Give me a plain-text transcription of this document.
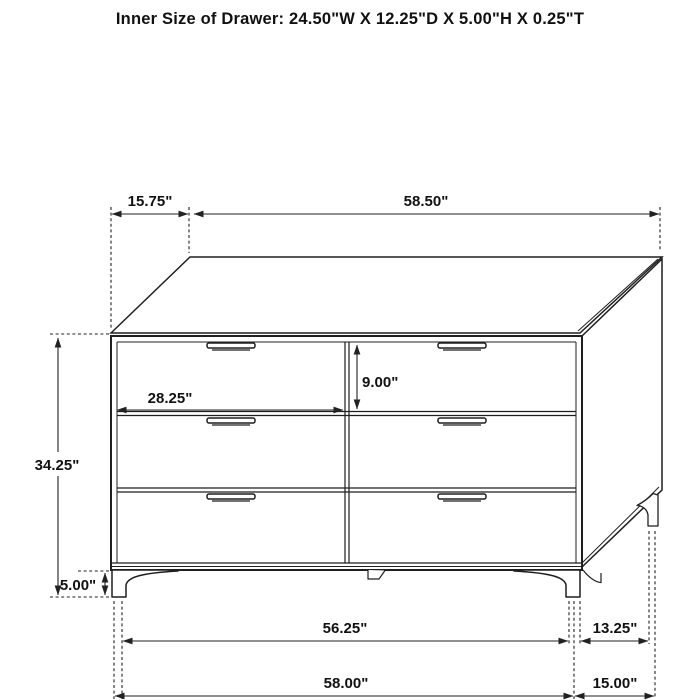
Inner Size of Drawer: 24.50"W X 12.25"D X 5.00"H X 0.25"T
15.75"	58.50"
34.25"
5.00"
28.25"
9.00"
56.25"	13.25"
58.00"	15.00"
